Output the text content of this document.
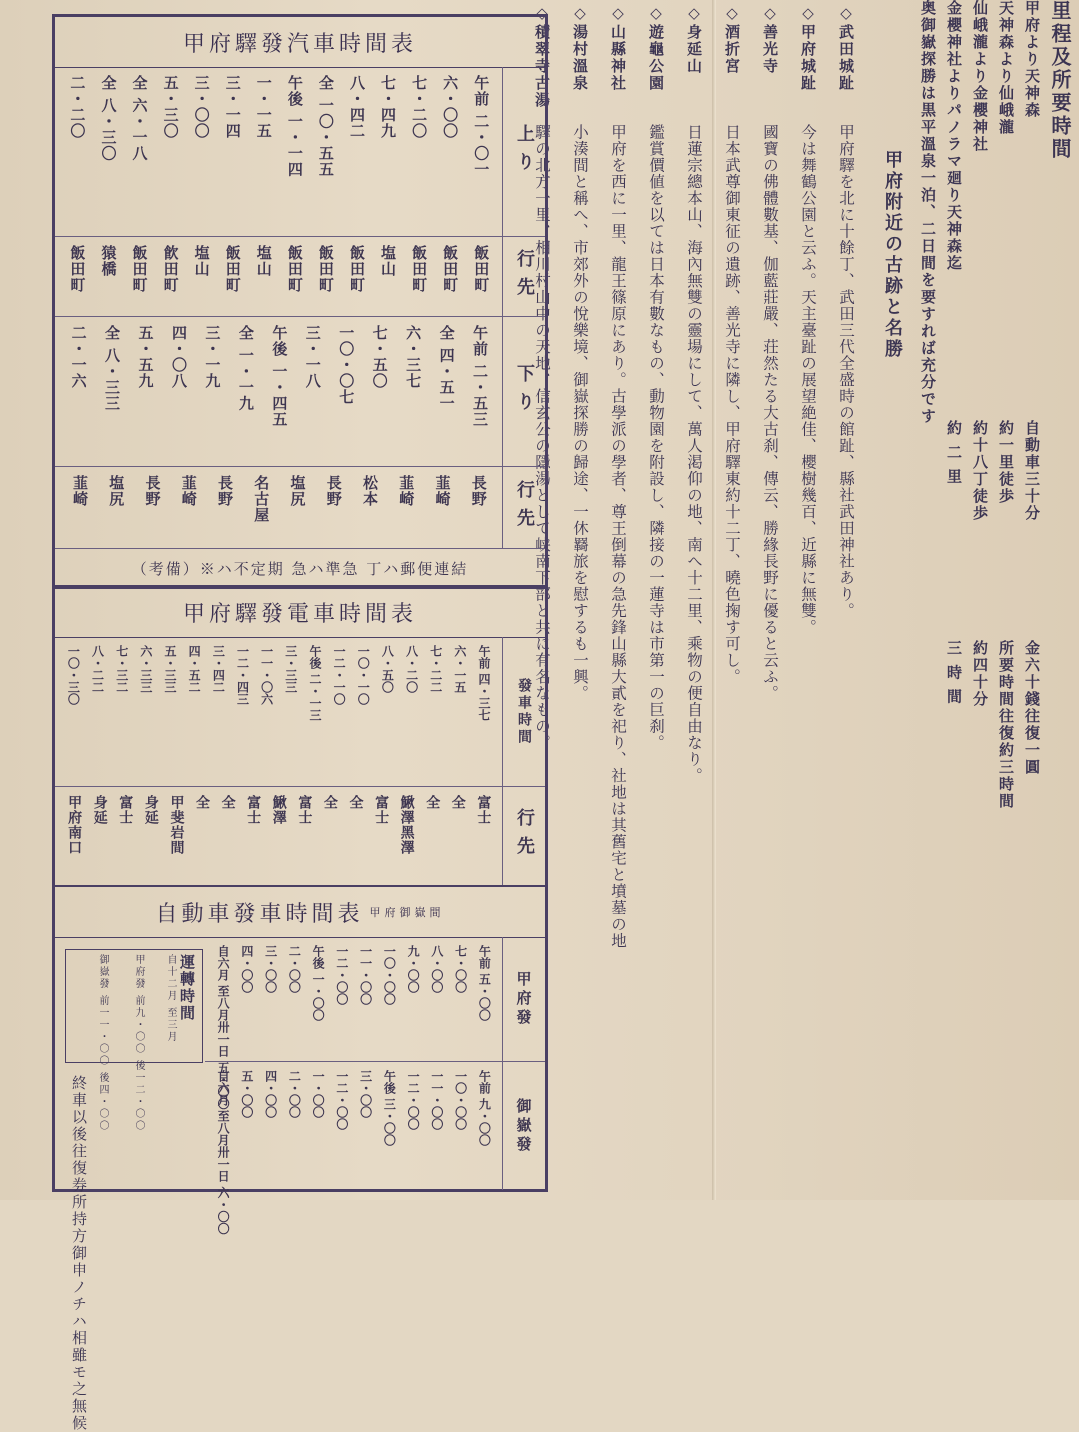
里程及所要時間
甲府より天神森
自動車三十分
金六十錢往復一圓
天神森より仙峨瀧
約一里徒歩
所要時間往復約三時間
仙峨瀧より金櫻神社
約十八丁徒歩
約四十分
金櫻神社よりパノラマ廻り天神森迄
約 二 里
三 時 間
奥御嶽探勝は黒平溫泉一泊、二日間を要すれば充分です
甲府附近の古跡と名勝
◇武田城趾
甲府驛を北に十餘丁、武田三代全盛時の館趾、縣社武田神社あり。
◇甲府城趾
今は舞鶴公園と云ふ。天主臺趾の展望絶佳、櫻樹幾百、近縣に無雙。
◇善光寺
國寶の佛體數基、伽藍莊嚴、荘然たる大古刹、傳云、勝緣長野に優ると云ふ。
◇酒折宮
日本武尊御東征の遺跡、善光寺に隣し、甲府驛東約十二丁、曉色掬す可し。
◇身延山
日蓮宗總本山、海內無雙の靈場にして、萬人渇仰の地、南へ十二里、乘物の便自由なり。
◇遊龜公園
鑑賞價値を以ては日本有數なもの、動物園を附設し、隣接の一蓮寺は市第一の巨刹。
◇山縣神社
甲府を西に一里、龍王篠原にあり。古學派の學者、尊王倒幕の急先鋒山縣大貳を祀り、社地は其舊宅と墳墓の地
◇湯村溫泉
小湊間と稱へ、市郊外の悅樂境、御嶽探勝の歸途、一休羇旅を慰するも一興。
◇積翠寺古湯
驛の北方一里、相川村山中の天地、信玄公の隱湯として峡南下部と共に有名なもの。
甲府驛發汽車時間表
上り
午前 二・〇一
六・〇〇
七・二〇
七・四九
八・四二
全 一〇・五五
午後 一・一四
一・一五
三・一四
三・〇〇
五・三〇
全 六・一八
全 八・三〇
二・二〇
行先
飯田町
飯田町
飯田町
塩山
飯田町
飯田町
飯田町
塩山
飯田町
塩山
飮田町
飯田町
猿橋
飯田町
下り
午前 二・五三
全 四・五一
六・三七
七・五〇
一〇・〇七
三・一八
午後 一・四五
全 一・一九
三・一九
四・〇八
五・五九
全 八・三三
二・一六
行先
長野
韮崎
韮崎
松本
長野
塩尻
名古屋
長野
韮崎
長野
塩尻
韮崎
（考備）※ハ不定期 急ハ準急 丁ハ郵便連結
甲府驛發電車時間表
發車時間
午前 四・三七
六・一五
七・二二
八・二〇
八・五〇
一〇・一〇
一二・一〇
午後 二・一三
三・三三
一一・〇六
一二・四三
三・四二
四・五二
五・三三
六・三三
七・三二
八・二二
一〇・三〇
行先
富士
全
全
鰍澤黑澤
富士
全
全
富士
鰍澤
富士
全
全
甲斐岩間
身延
富士
身延
甲府南口
自動車發車時間表 甲府御嶽間
甲府發
午前 五・〇〇
七・〇〇
八・〇〇
九・〇〇
一〇・〇〇
一一・〇〇
一二・〇〇
午後 一・〇〇
二・〇〇
三・〇〇
四・〇〇
自六月 至八月卅一日 五・〇〇
御嶽發
午前 九・〇〇
一〇・〇〇
一一・〇〇
一二・〇〇
午後 三・〇〇
三・〇〇
一二・〇〇
一・〇〇
二・〇〇
四・〇〇
五・〇〇
自六月 至八月卅一日 六・〇〇
運轉時間
自十二月 至三月
甲府發 前九・〇〇 後一二・〇〇
御嶽發 前一一・〇〇 後四・〇〇
終車以後往復券所持方御申ノチハ相雖モ之無候
